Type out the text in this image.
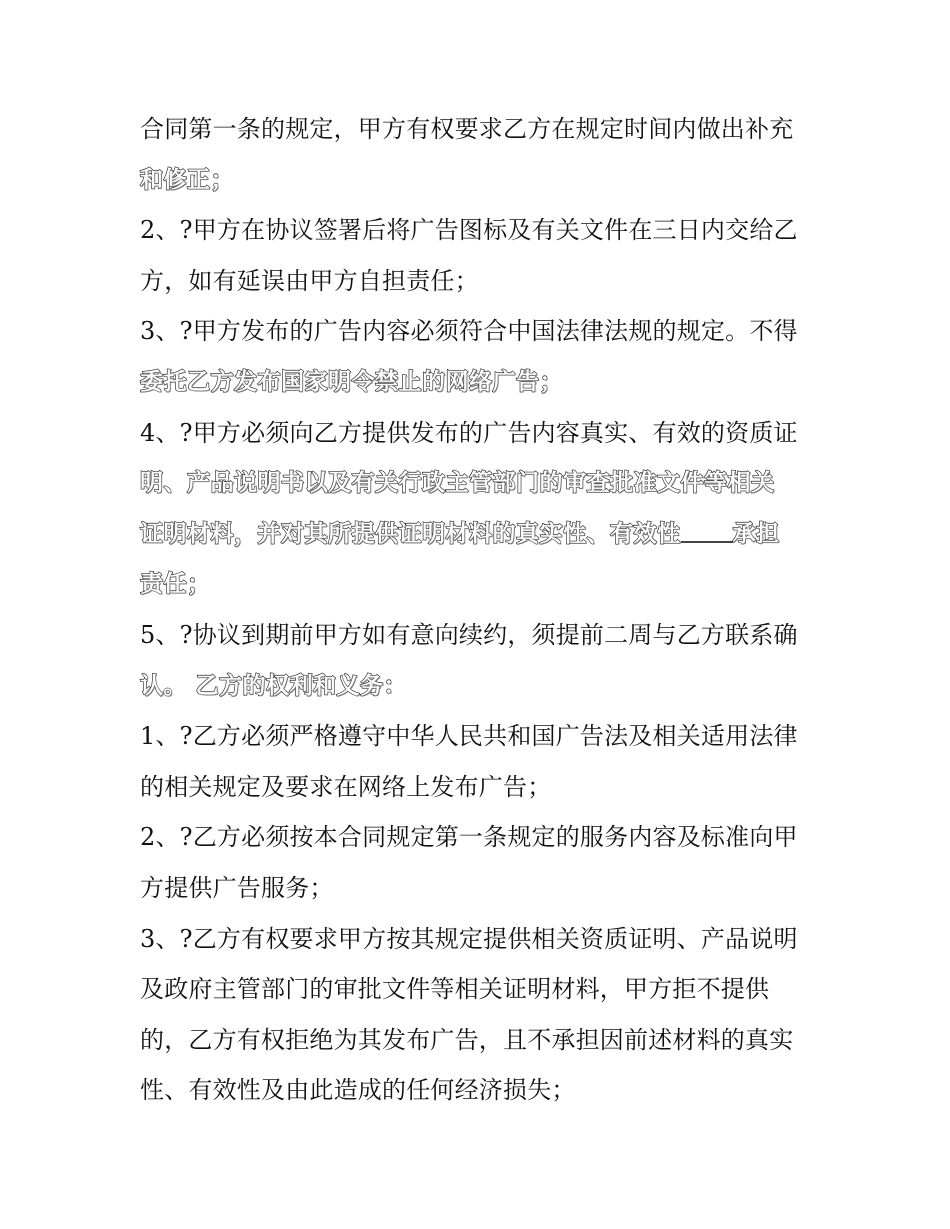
合同第一条的规定，甲方有权要求乙方在规定时间内做出补充
和修正；
2、?甲方在协议签署后将广告图标及有关文件在三日内交给乙
方，如有延误由甲方自担责任；
3、?甲方发布的广告内容必须符合中国法律法规的规定。不得
委托乙方发布国家明令禁止的网络广告；
4、?甲方必须向乙方提供发布的广告内容真实、有效的资质证
明、产品说明书以及有关行政主管部门的审查批准文件等相关
证明材料，并对其所提供证明材料的真实性、有效性 承担
责任；
5、?协议到期前甲方如有意向续约，须提前二周与乙方联系确
认。 乙方的权利和义务：
1、?乙方必须严格遵守中华人民共和国广告法及相关适用法律
的相关规定及要求在网络上发布广告；
2、?乙方必须按本合同规定第一条规定的服务内容及标准向甲
方提供广告服务；
3、?乙方有权要求甲方按其规定提供相关资质证明、产品说明
及政府主管部门的审批文件等相关证明材料，甲方拒不提供
的，乙方有权拒绝为其发布广告，且不承担因前述材料的真实
性、有效性及由此造成的任何经济损失；
